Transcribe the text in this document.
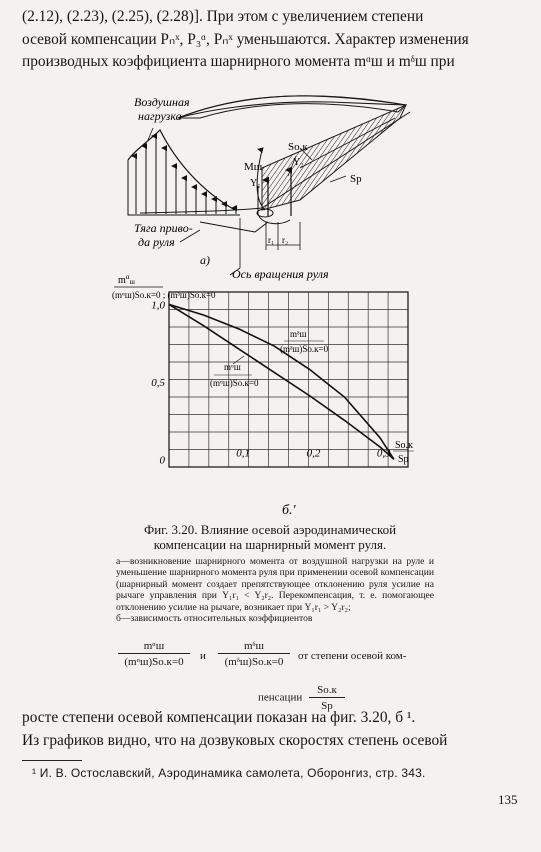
(2.12), (2.23), (2.25), (2.28)]. При этом с увеличением степени
осевой компенсации Pₙˣ, P₃ᵅ, Pₙˣ уменьшаются. Характер изменения
производных коэффициента шарнирного момента mᵅш и mᵟш при
Воздушная
нагрузка
Mш
Y₁
Y₂
Sо.к
Sр
r₁ r₂
Тяга приво-
да руля
а)
Ось вращения руля
1,0
0,5
0
0,1	0,2	0,3
$m^\alpha_ш$
(mᵅш)Sо.к=0 ; (mᵟш)Sо.к=0
mᵟш
(mᵟш)Sо.к=0
mᵅш
(mᵅш)Sо.к=0
Sо.к
Sр
б.'
Фиг. 3.20. Влияние осевой аэродинамической
компенсации на шарнирный момент руля.

а—возникновение шарнирного момента от воздушной нагрузки на руле и уменьшение шарнирного момента руля при применении осевой компенсации (шарнирный момент создает препятствующее отклонению руля усилие на рычаге управления при Y₁r₁ < Y₂r₂. Перекомпенсация, т. е. помогающее отклонению усилие на рычаге, возникает при Y₁r₁ > Y₂r₂;

б—зависимость относительных коэффициентов

mᵅш
(mᵅш)Sо.к=0	и
mᵟш
(mᵟш)Sо.к=0	от степени осевой ком-
пенсации $\frac{Sо.к}{Sр}$
росте степени осевой компенсации показан на фиг. 3.20, б ¹.
Из графиков видно, что на дозвуковых скоростях степень осевой
¹ И. В. Остославский, Аэродинамика самолета, Оборонгиз, стр. 343.
135
